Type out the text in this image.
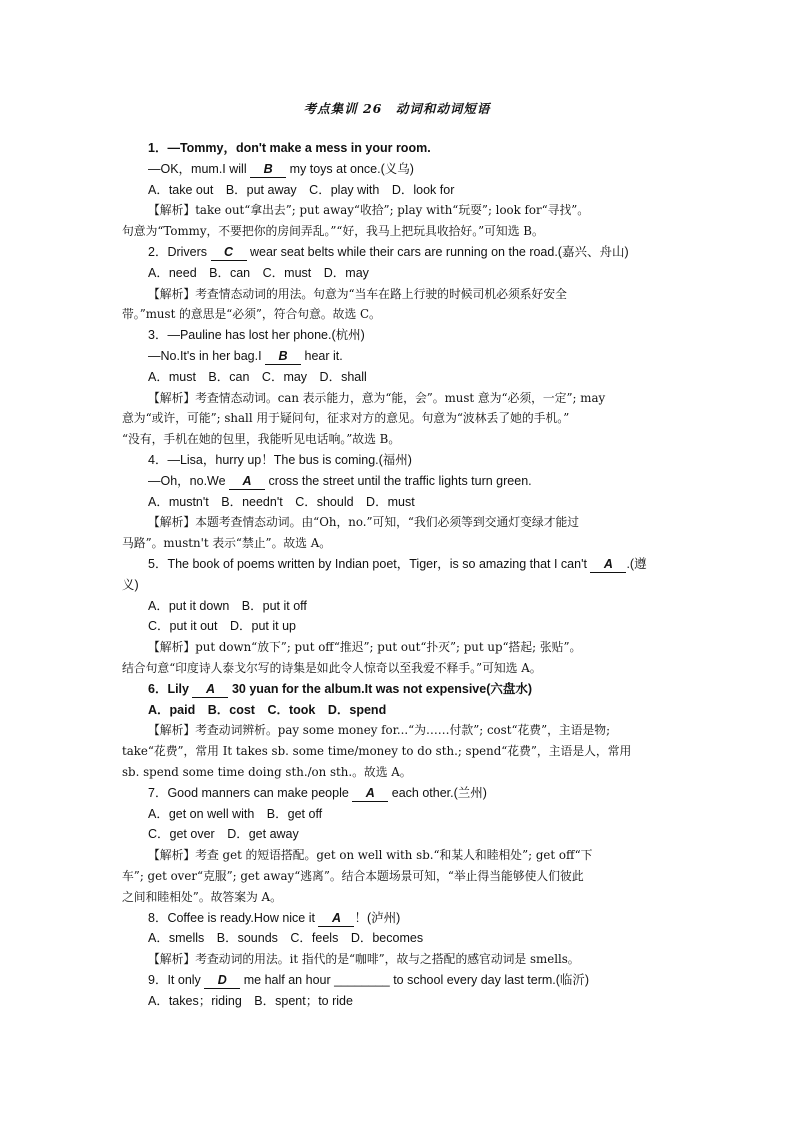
考点集训 26　动词和动词短语
1．—Tommy，don't make a mess in your room.
—OK，mum.I will B my toys at once.(义乌)
A．take out　B．put away　C．play with　D．look for
【解析】take out“拿出去”; put away“收拾”; play with“玩耍”; look for“寻找”。
句意为“Tommy，不要把你的房间弄乱。”“好，我马上把玩具收拾好。”可知选 B。
2．Drivers C wear seat belts while their cars are running on the road.(嘉兴、舟山)
A．need　B．can　C．must　D．may
【解析】考查情态动词的用法。句意为“当车在路上行驶的时候司机必须系好安全
带。”must 的意思是“必须”，符合句意。故选 C。
3．—Pauline has lost her phone.(杭州)
—No.It's in her bag.I B hear it.
A．must　B．can　C．may　D．shall
【解析】考查情态动词。can 表示能力，意为“能，会”。must 意为“必须，一定”; may
意为“或许，可能”; shall 用于疑问句，征求对方的意见。句意为“波林丢了她的手机。”
“没有，手机在她的包里，我能听见电话响。”故选 B。
4．—Lisa，hurry up！The bus is coming.(福州)
—Oh，no.We A cross the street until the traffic lights turn green.
A．mustn't　B．needn't　C．should　D．must
【解析】本题考查情态动词。由“Oh，no.”可知，“我们必须等到交通灯变绿才能过
马路”。mustn't 表示“禁止”。故选 A。
5．The book of poems written by Indian poet，Tiger，is so amazing that I can't A .(遵
义)
A．put it down　B．put it off
C．put it out　D．put it up
【解析】put down“放下”; put off“推迟”; put out“扑灭”; put up“搭起; 张贴”。
结合句意“印度诗人泰戈尔写的诗集是如此令人惊奇以至我爱不释手。”可知选 A。
6．Lily A 30 yuan for the album.It was not expensive(六盘水)
A．paid　B．cost　C．took　D．spend
【解析】考查动词辨析。pay some money for...“为……付款”; cost“花费”，主语是物;
take“花费”，常用 It takes sb. some time/money to do sth.; spend“花费”，主语是人，常用
sb. spend some time doing sth./on sth.。故选 A。
7．Good manners can make people A each other.(兰州)
A．get on well with　B．get off
C．get over　D．get away
【解析】考查 get 的短语搭配。get on well with sb.“和某人和睦相处”; get off“下
车”; get over“克服”; get away“逃离”。结合本题场景可知，“举止得当能够使人们彼此
之间和睦相处”。故答案为 A。
8．Coffee is ready.How nice it A ！(泸州)
A．smells　B．sounds　C．feels　D．becomes
【解析】考查动词的用法。it 指代的是“咖啡”，故与之搭配的感官动词是 smells。
9．It only D me half an hour ________ to school every day last term.(临沂)
A．takes；riding　B．spent；to ride
